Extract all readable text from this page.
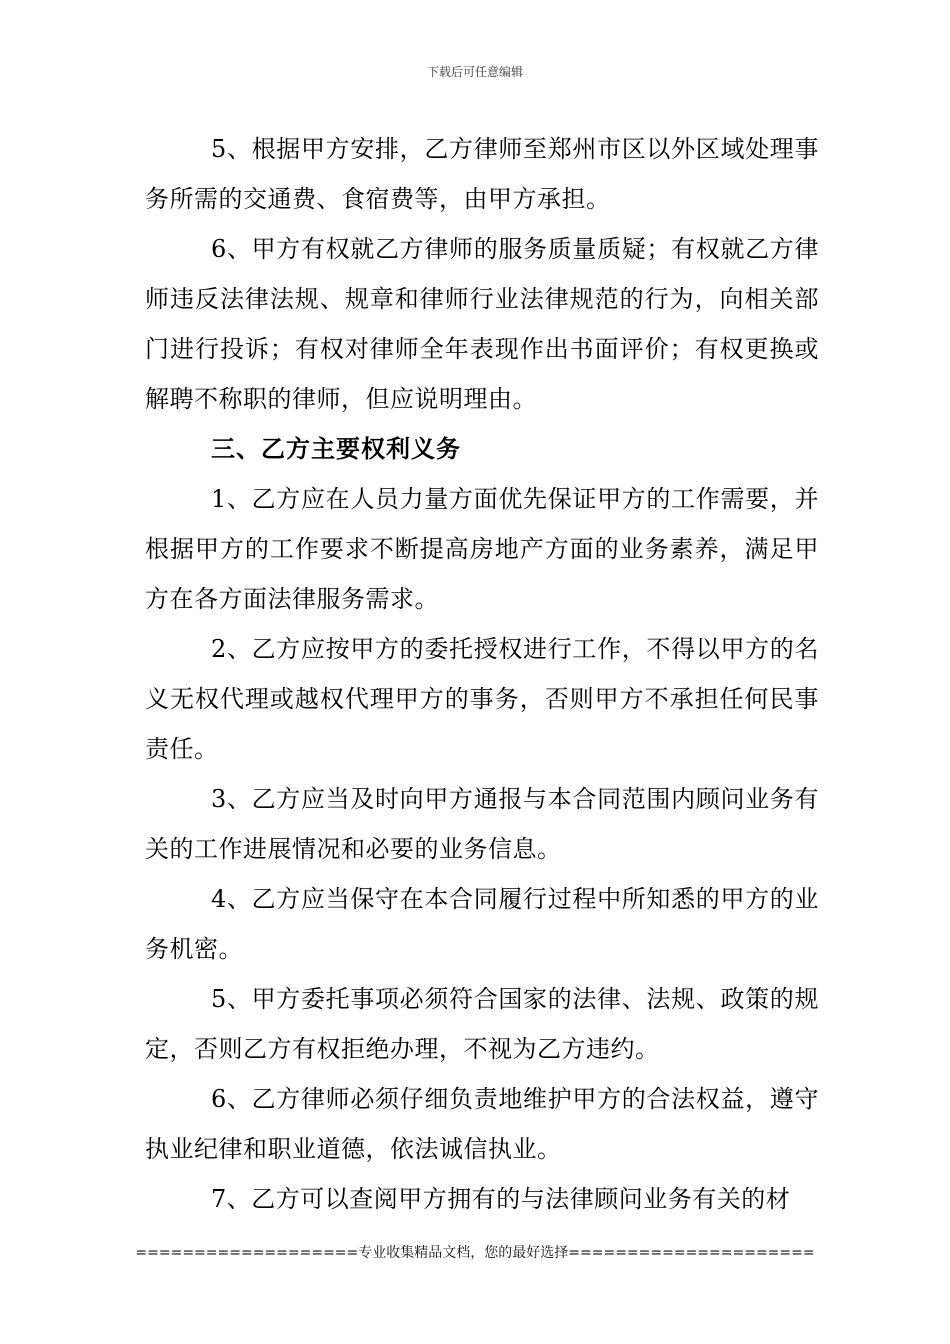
下载后可任意编辑

5、根据甲方安排，乙方律师至郑州市区以外区域处理事务所需的交通费、食宿费等，由甲方承担。

6、甲方有权就乙方律师的服务质量质疑；有权就乙方律师违反法律法规、规章和律师行业法律规范的行为，向相关部门进行投诉；有权对律师全年表现作出书面评价；有权更换或解聘不称职的律师，但应说明理由。

三、乙方主要权利义务

1、乙方应在人员力量方面优先保证甲方的工作需要，并根据甲方的工作要求不断提高房地产方面的业务素养，满足甲方在各方面法律服务需求。

2、乙方应按甲方的委托授权进行工作，不得以甲方的名义无权代理或越权代理甲方的事务，否则甲方不承担任何民事责任。

3、乙方应当及时向甲方通报与本合同范围内顾问业务有关的工作进展情况和必要的业务信息。

4、乙方应当保守在本合同履行过程中所知悉的甲方的业务机密。

5、甲方委托事项必须符合国家的法律、法规、政策的规定，否则乙方有权拒绝办理，不视为乙方违约。

6、乙方律师必须仔细负责地维护甲方的合法权益，遵守执业纪律和职业道德，依法诚信执业。

7、乙方可以查阅甲方拥有的与法律顾问业务有关的材

===================专业收集精品文档，您的最好选择=====================
